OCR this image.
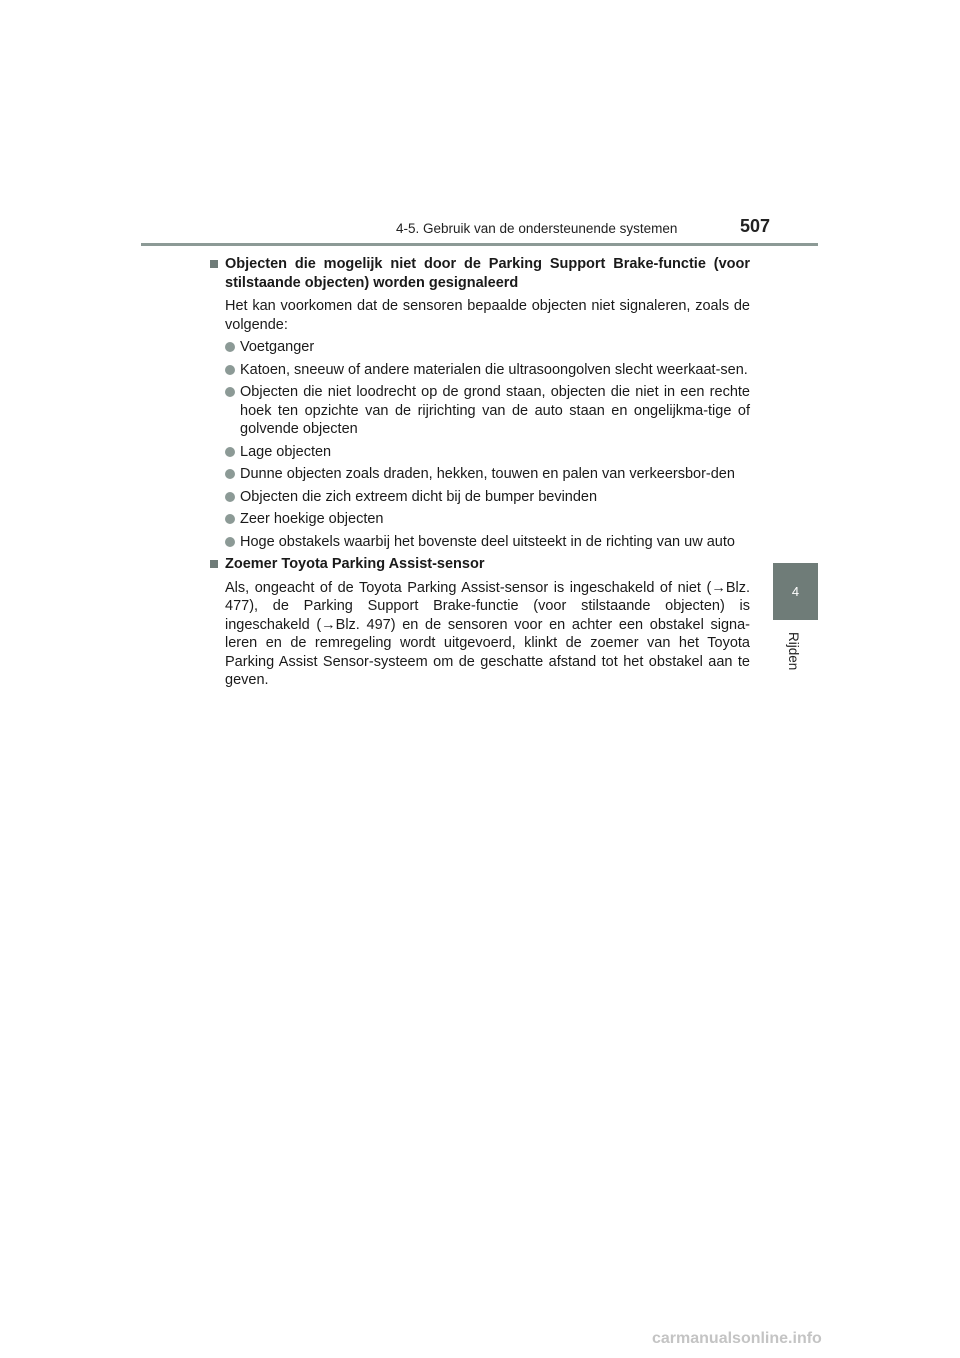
4-5. Gebruik van de ondersteunende systemen	507
4
Rijden
Objecten die mogelijk niet door de Parking Support Brake-functie (voor stilstaande objecten) worden gesignaleerd
Het kan voorkomen dat de sensoren bepaalde objecten niet signaleren, zoals de volgende:
Voetganger
Katoen, sneeuw of andere materialen die ultrasoongolven slecht weerkaat-sen.
Objecten die niet loodrecht op de grond staan, objecten die niet in een rechte hoek ten opzichte van de rijrichting van de auto staan en ongelijkma-tige of golvende objecten
Lage objecten
Dunne objecten zoals draden, hekken, touwen en palen van verkeersbor-den
Objecten die zich extreem dicht bij de bumper bevinden
Zeer hoekige objecten
Hoge obstakels waarbij het bovenste deel uitsteekt in de richting van uw auto
Zoemer Toyota Parking Assist-sensor
Als, ongeacht of de Toyota Parking Assist-sensor is ingeschakeld of niet (→Blz. 477), de Parking Support Brake-functie (voor stilstaande objecten) is ingeschakeld (→Blz. 497) en de sensoren voor en achter een obstakel signa-leren en de remregeling wordt uitgevoerd, klinkt de zoemer van het Toyota Parking Assist Sensor-systeem om de geschatte afstand tot het obstakel aan te geven.
carmanualsonline.info
